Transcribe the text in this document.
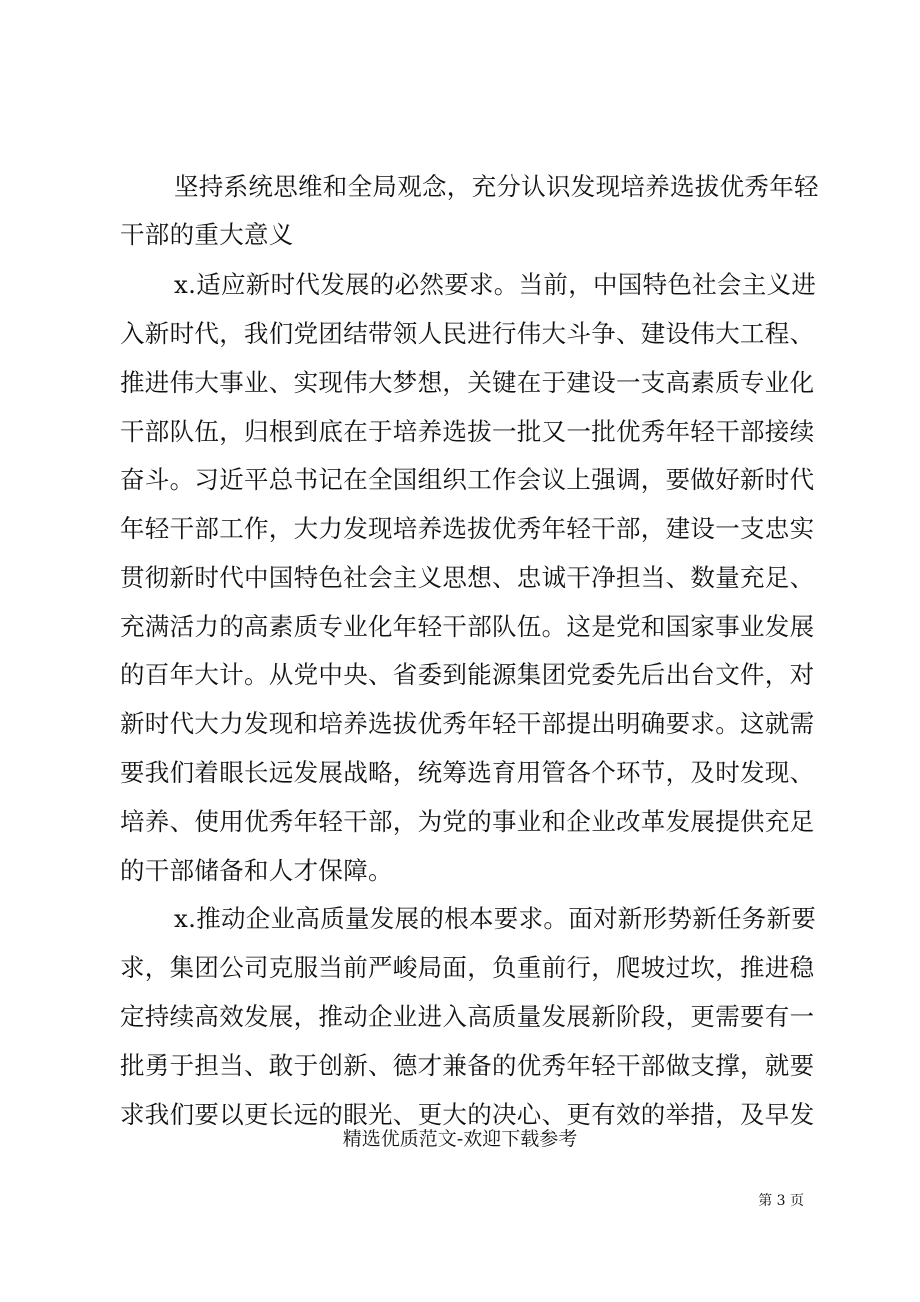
坚持系统思维和全局观念，充分认识发现培养选拔优秀年轻
干部的重大意义
x.适应新时代发展的必然要求。当前，中国特色社会主义进
入新时代，我们党团结带领人民进行伟大斗争、建设伟大工程、
推进伟大事业、实现伟大梦想，关键在于建设一支高素质专业化
干部队伍，归根到底在于培养选拔一批又一批优秀年轻干部接续
奋斗。习近平总书记在全国组织工作会议上强调，要做好新时代
年轻干部工作，大力发现培养选拔优秀年轻干部，建设一支忠实
贯彻新时代中国特色社会主义思想、忠诚干净担当、数量充足、
充满活力的高素质专业化年轻干部队伍。这是党和国家事业发展
的百年大计。从党中央、省委到能源集团党委先后出台文件，对
新时代大力发现和培养选拔优秀年轻干部提出明确要求。这就需
要我们着眼长远发展战略，统筹选育用管各个环节，及时发现、
培养、使用优秀年轻干部，为党的事业和企业改革发展提供充足
的干部储备和人才保障。
x.推动企业高质量发展的根本要求。面对新形势新任务新要
求，集团公司克服当前严峻局面，负重前行，爬坡过坎，推进稳
定持续高效发展，推动企业进入高质量发展新阶段，更需要有一
批勇于担当、敢于创新、德才兼备的优秀年轻干部做支撑，就要
求我们要以更长远的眼光、更大的决心、更有效的举措，及早发
精选优质范文-欢迎下载参考
第 3 页
